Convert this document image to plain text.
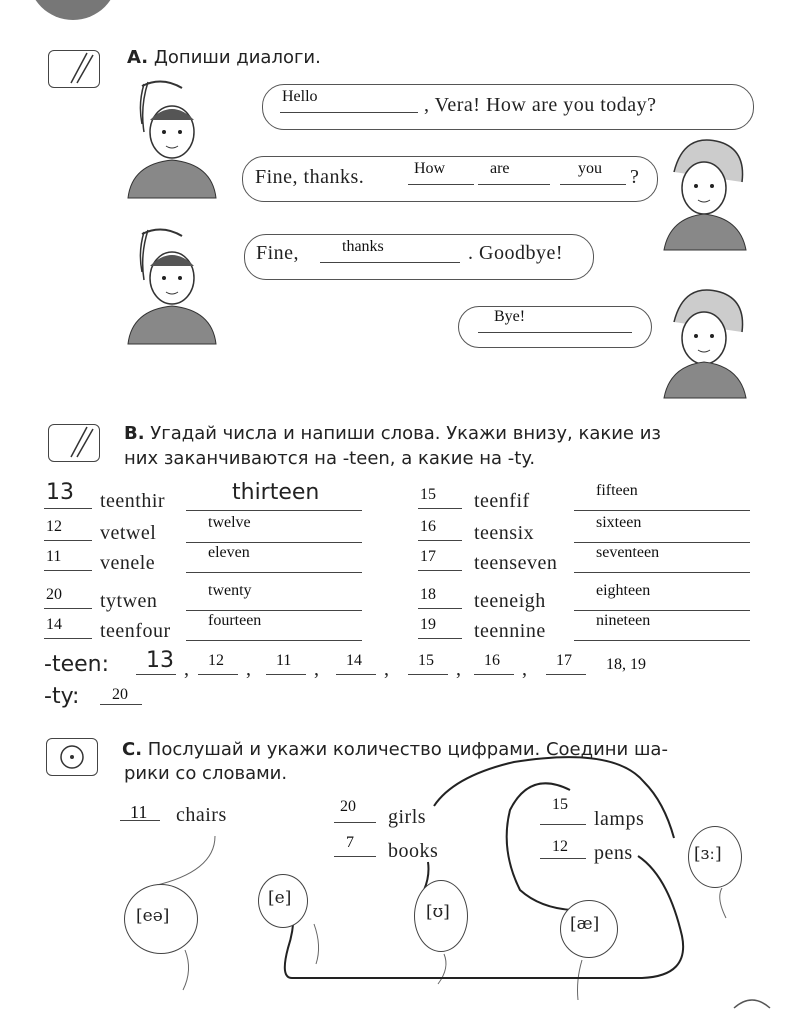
A. Допиши диалоги.
Hello	, Vera! How are you today?
Fine, thanks.	How	are	you ?
Fine,	thanks	. Goodbye!
Bye!
B. Угадай числа и напиши слова. Укажи внизу, какие из
них заканчиваются на -teen, а какие на -ty.
13 teenthir	thirteen
12 vetwel	twelve
11 venele	eleven
20 tytwen	twenty
14 teenfour fourteen
15 teenfif	fifteen
16 teensix	sixteen
17 teenseven seventeen
18 teeneigh	eighteen
19 teennine	nineteen
-teen: 13 , 12 , 11 , 14 , 15 , 16 , 17 18, 19
-ty: 20
C. Послушай и укажи количество цифрами. Соедини ша-
рики со словами.
11 chairs	20 girls
7 books
15
lamps
12 pens
[eə]
[e]
[ʊ]
[æ]
[ɜː]
